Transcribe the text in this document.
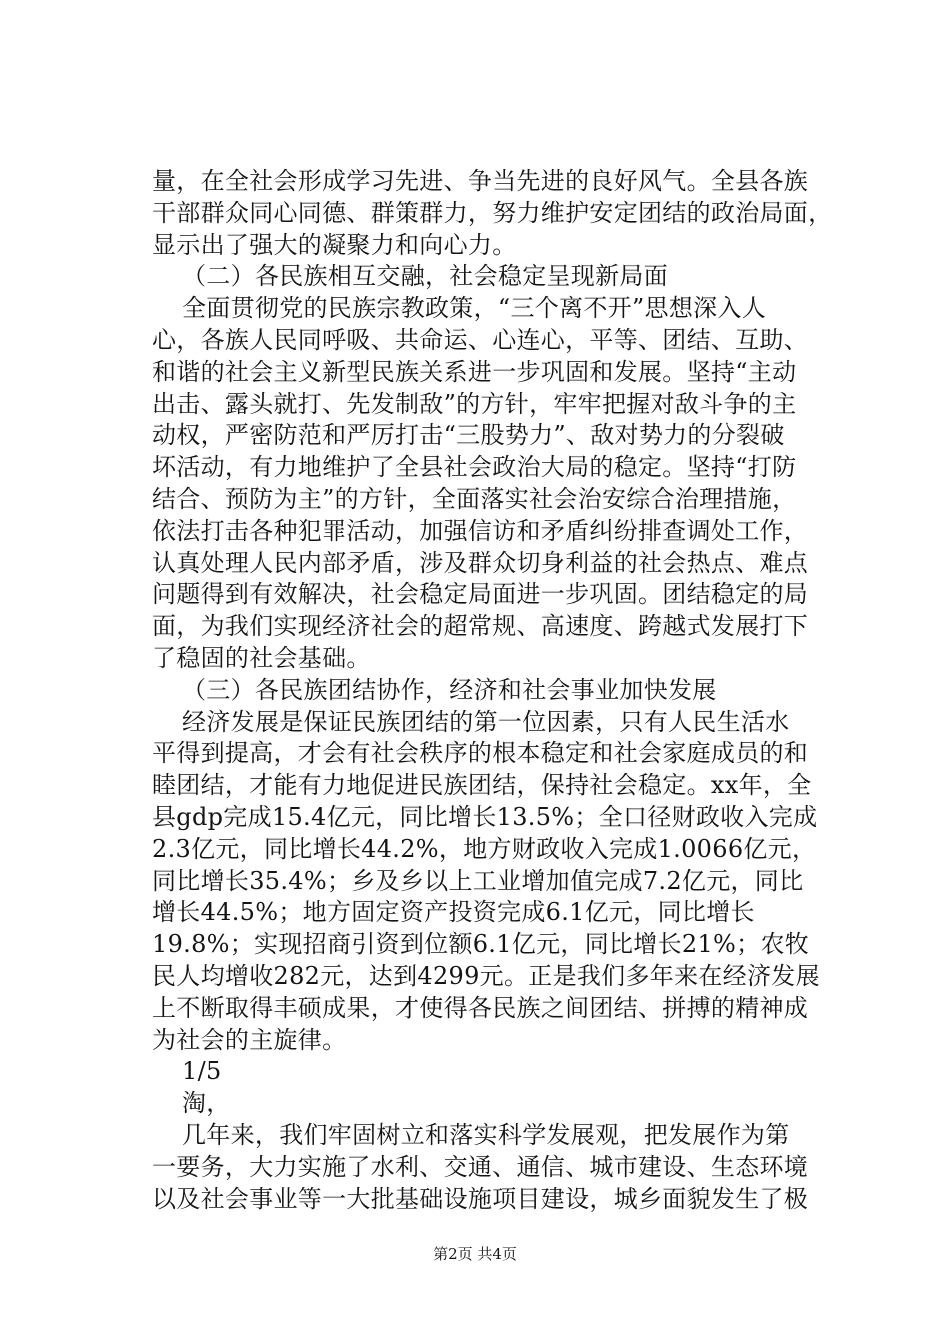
量，在全社会形成学习先进、争当先进的良好风气。全县各族
干部群众同心同德、群策群力，努力维护安定团结的政治局面，
显示出了强大的凝聚力和向心力。
（二）各民族相互交融，社会稳定呈现新局面
全面贯彻党的民族宗教政策，“三个离不开”思想深入人
心，各族人民同呼吸、共命运、心连心，平等、团结、互助、
和谐的社会主义新型民族关系进一步巩固和发展。坚持“主动
出击、露头就打、先发制敌”的方针，牢牢把握对敌斗争的主
动权，严密防范和严厉打击“三股势力”、敌对势力的分裂破
坏活动，有力地维护了全县社会政治大局的稳定。坚持“打防
结合、预防为主”的方针，全面落实社会治安综合治理措施，
依法打击各种犯罪活动，加强信访和矛盾纠纷排查调处工作，
认真处理人民内部矛盾，涉及群众切身利益的社会热点、难点
问题得到有效解决，社会稳定局面进一步巩固。团结稳定的局
面，为我们实现经济社会的超常规、高速度、跨越式发展打下
了稳固的社会基础。
（三）各民族团结协作，经济和社会事业加快发展
经济发展是保证民族团结的第一位因素，只有人民生活水
平得到提高，才会有社会秩序的根本稳定和社会家庭成员的和
睦团结，才能有力地促进民族团结，保持社会稳定。xx年，全
县gdp完成15.4亿元，同比增长13.5%；全口径财政收入完成
2.3亿元，同比增长44.2%，地方财政收入完成1.0066亿元，
同比增长35.4%；乡及乡以上工业增加值完成7.2亿元，同比
增长44.5%；地方固定资产投资完成6.1亿元，同比增长
19.8%；实现招商引资到位额6.1亿元，同比增长21%；农牧
民人均增收282元，达到4299元。正是我们多年来在经济发展
上不断取得丰硕成果，才使得各民族之间团结、拼搏的精神成
为社会的主旋律。
1/5
淘，
几年来，我们牢固树立和落实科学发展观，把发展作为第
一要务，大力实施了水利、交通、通信、城市建设、生态环境
以及社会事业等一大批基础设施项目建设，城乡面貌发生了极
第2页 共4页
